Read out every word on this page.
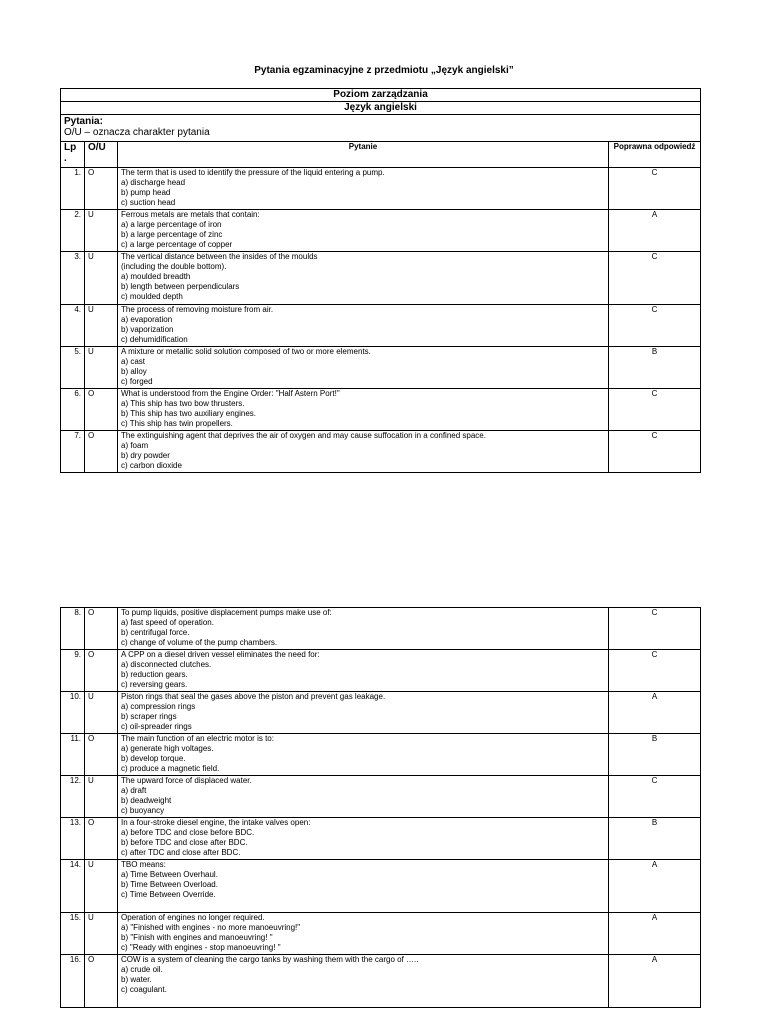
Pytania egzaminacyjne z przedmiotu „Język angielski”
Poziom zarządzania			
Język angielski			

Pytania:
O/U – oznacza charakter pytania			

Lp .	O/U	Pytanie	Poprawna odpowiedź
1.	O	The term that is used to identify the pressure of the liquid entering a pump.
a) discharge head
b) pump head
c) suction head	C
2.	U	Ferrous metals are metals that contain:
a) a large percentage of iron
b) a large percentage of zinc
c) a large percentage of copper	A
3.	U	The vertical distance between the insides of the moulds
(including the double bottom).
a) moulded breadth
b) length between perpendiculars
c) moulded depth	C
4.	U	The process of removing moisture from air.
a) evaporation
b) vaporization
c) dehumidification	C
5.	U	A mixture or metallic solid solution composed of two or more elements.
a) cast
b) alloy
c) forged	B
6.	O	What is understood from the Engine Order: "Half Astern Port!"
a) This ship has two bow thrusters.
b) This ship has two auxiliary engines.
c) This ship has twin propellers.	C
7.	O	The extinguishing agent that deprives the air of oxygen and may cause suffocation in a confined space.
a) foam
b) dry powder
c) carbon dioxide	C
8.	O	To pump liquids, positive displacement pumps make use of:
a) fast speed of operation.
b) centrifugal force.
c) change of volume of the pump chambers.	C
9.	O	A CPP on a diesel driven vessel eliminates the need for:
a) disconnected clutches.
b) reduction gears.
c) reversing gears.	C
10.	U	Piston rings that seal the gases above the piston and prevent gas leakage.
a) compression rings
b) scraper rings
c) oil-spreader rings	A
11.	O	The main function of an electric motor is to:
a) generate high voltages.
b) develop torque.
c) produce a magnetic field.	B
12.	U	The upward force of displaced water.
a) draft
b) deadweight
c) buoyancy	C
13.	O	In a four-stroke diesel engine, the intake valves open:
a) before TDC and close before BDC.
b) before TDC and close after BDC.
c) after TDC and close after BDC.	B
14.	U	TBO means:
a) Time Between Overhaul.
b) Time Between Overload.
c) Time Between Override.	A
15.	U	Operation of engines no longer required.
a) "Finished with engines - no more manoeuvring!"
b) "Finish with engines and manoeuvring! "
c) "Ready with engines - stop manoeuvring! "	A
16.	O	COW is a system of cleaning the cargo tanks by washing them with the cargo of …..
a) crude oil.
b) water.
c) coagulant.	A
